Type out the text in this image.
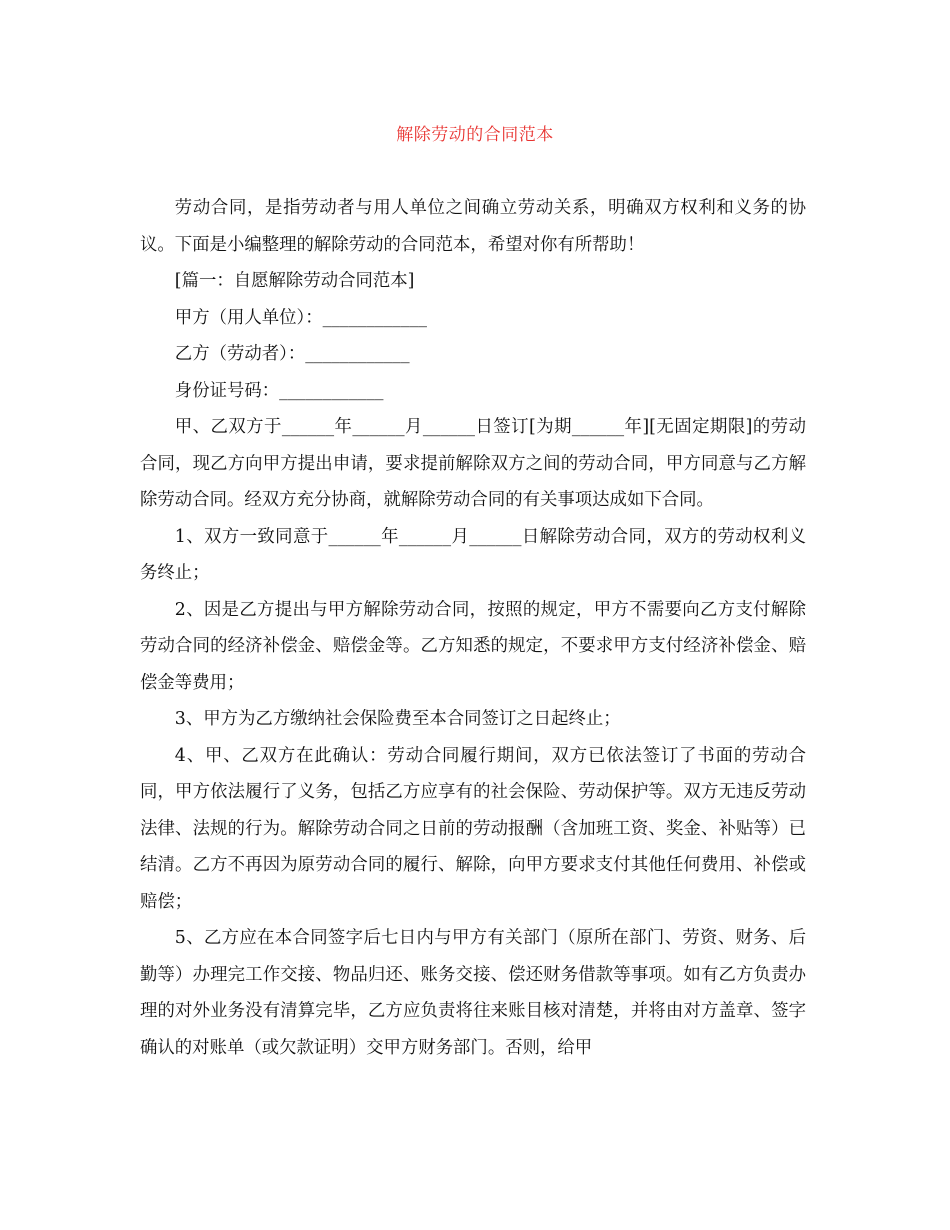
解除劳动的合同范本

劳动合同，是指劳动者与用人单位之间确立劳动关系，明确双方权利和义务的协议。下面是小编整理的解除劳动的合同范本，希望对你有所帮助！

[篇一：自愿解除劳动合同范本]

甲方（用人单位）：____________

乙方（劳动者）：____________

身份证号码：____________

甲、乙双方于______年______月______日签订[为期______年][无固定期限]的劳动合同，现乙方向甲方提出申请，要求提前解除双方之间的劳动合同，甲方同意与乙方解除劳动合同。经双方充分协商，就解除劳动合同的有关事项达成如下合同。

1、双方一致同意于______年______月______日解除劳动合同，双方的劳动权利义务终止；

2、因是乙方提出与甲方解除劳动合同，按照的规定，甲方不需要向乙方支付解除劳动合同的经济补偿金、赔偿金等。乙方知悉的规定，不要求甲方支付经济补偿金、赔偿金等费用；

3、甲方为乙方缴纳社会保险费至本合同签订之日起终止；

4、甲、乙双方在此确认：劳动合同履行期间，双方已依法签订了书面的劳动合同，甲方依法履行了义务，包括乙方应享有的社会保险、劳动保护等。双方无违反劳动法律、法规的行为。解除劳动合同之日前的劳动报酬（含加班工资、奖金、补贴等）已结清。乙方不再因为原劳动合同的履行、解除，向甲方要求支付其他任何费用、补偿或赔偿；

5、乙方应在本合同签字后七日内与甲方有关部门（原所在部门、劳资、财务、后勤等）办理完工作交接、物品归还、账务交接、偿还财务借款等事项。如有乙方负责办理的对外业务没有清算完毕，乙方应负责将往来账目核对清楚，并将由对方盖章、签字确认的对账单（或欠款证明）交甲方财务部门。否则，给甲
